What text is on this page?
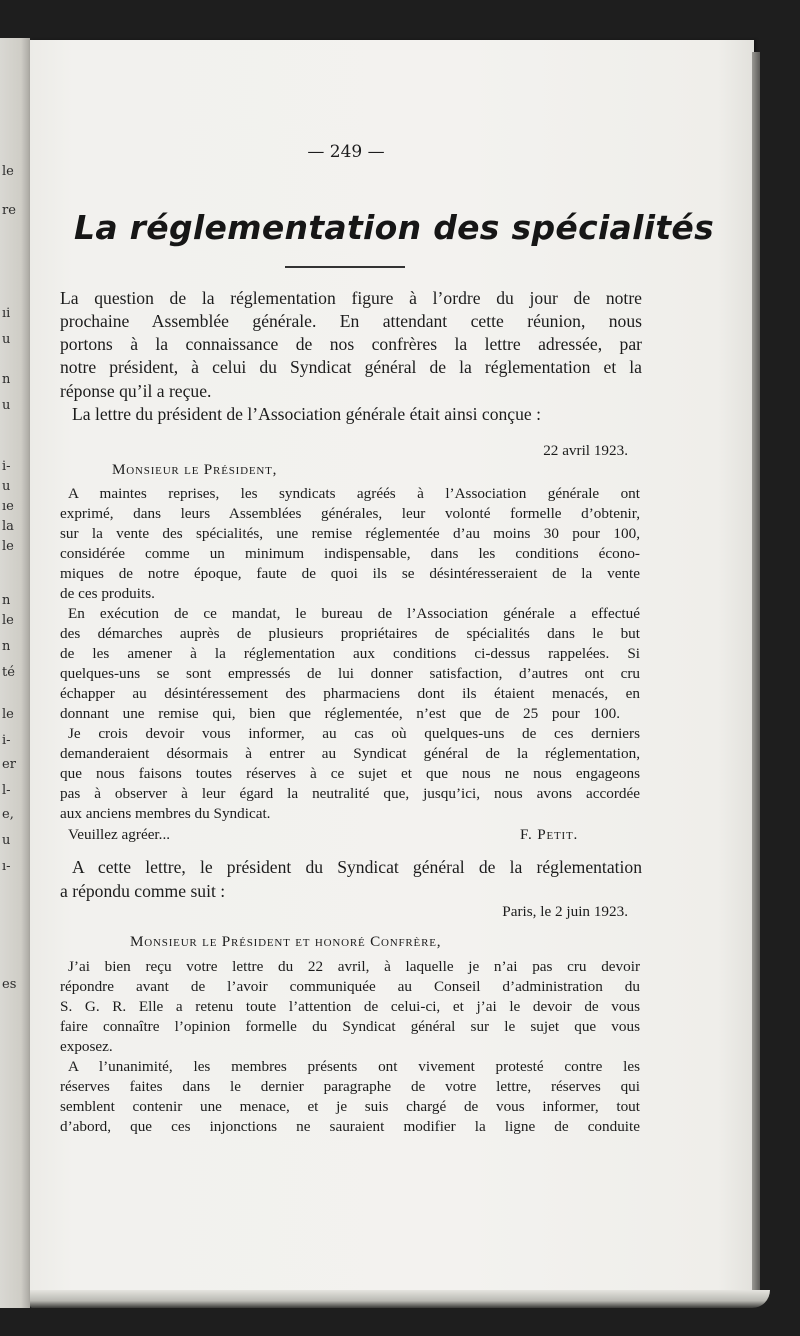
le
re
ıi
u
n
u
i-
u
ıe
la
le
n
le
n
té
le
i-
er
l-
e,
u
ı-
es
— 249 —
La réglementation des spécialités
La question de la réglementation figure à l’ordre du jour de notre
prochaine Assemblée générale. En attendant cette réunion, nous
portons à la connaissance de nos confrères la lettre adressée, par
notre président, à celui du Syndicat général de la réglementation et la
réponse qu’il a reçue.
La lettre du président de l’Association générale était ainsi conçue :
22 avril 1923.
Monsieur le Président,
A maintes reprises, les syndicats agréés à l’Association générale ont
exprimé, dans leurs Assemblées générales, leur volonté formelle d’obtenir,
sur la vente des spécialités, une remise réglementée d’au moins 30 pour 100,
considérée comme un minimum indispensable, dans les conditions écono-
miques de notre époque, faute de quoi ils se désintéresseraient de la vente
de ces produits.
En exécution de ce mandat, le bureau de l’Association générale a effectué
des démarches auprès de plusieurs propriétaires de spécialités dans le but
de les amener à la réglementation aux conditions ci-dessus rappelées. Si
quelques-uns se sont empressés de lui donner satisfaction, d’autres ont cru
échapper au désintéressement des pharmaciens dont ils étaient menacés, en
donnant une remise qui, bien que réglementée, n’est que de 25 pour 100.
Je crois devoir vous informer, au cas où quelques-uns de ces derniers
demanderaient désormais à entrer au Syndicat général de la réglementation,
que nous faisons toutes réserves à ce sujet et que nous ne nous engageons
pas à observer à leur égard la neutralité que, jusqu’ici, nous avons accordée
aux anciens membres du Syndicat.
Veuillez agréer...	F. Petit.
A cette lettre, le président du Syndicat général de la réglementation
a répondu comme suit :
Paris, le 2 juin 1923.
Monsieur le Président et honoré Confrère,
J’ai bien reçu votre lettre du 22 avril, à laquelle je n’ai pas cru devoir
répondre avant de l’avoir communiquée au Conseil d’administration du
S. G. R. Elle a retenu toute l’attention de celui-ci, et j’ai le devoir de vous
faire connaître l’opinion formelle du Syndicat général sur le sujet que vous
exposez.
A l’unanimité, les membres présents ont vivement protesté contre les
réserves faites dans le dernier paragraphe de votre lettre, réserves qui
semblent contenir une menace, et je suis chargé de vous informer, tout
d’abord, que ces injonctions ne sauraient modifier la ligne de conduite
